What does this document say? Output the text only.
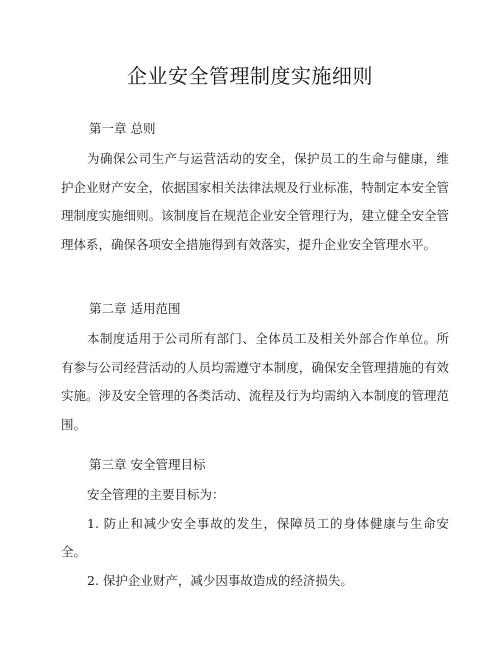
企业安全管理制度实施细则
第一章 总则

为确保公司生产与运营活动的安全，保护员工的生命与健康，维护企业财产安全，依据国家相关法律法规及行业标准，特制定本安全管理制度实施细则。该制度旨在规范企业安全管理行为，建立健全安全管理体系，确保各项安全措施得到有效落实，提升企业安全管理水平。

第二章 适用范围

本制度适用于公司所有部门、全体员工及相关外部合作单位。所有参与公司经营活动的人员均需遵守本制度，确保安全管理措施的有效实施。涉及安全管理的各类活动、流程及行为均需纳入本制度的管理范围。

第三章 安全管理目标

安全管理的主要目标为：

1. 防止和减少安全事故的发生，保障员工的身体健康与生命安全。

2. 保护企业财产，减少因事故造成的经济损失。
